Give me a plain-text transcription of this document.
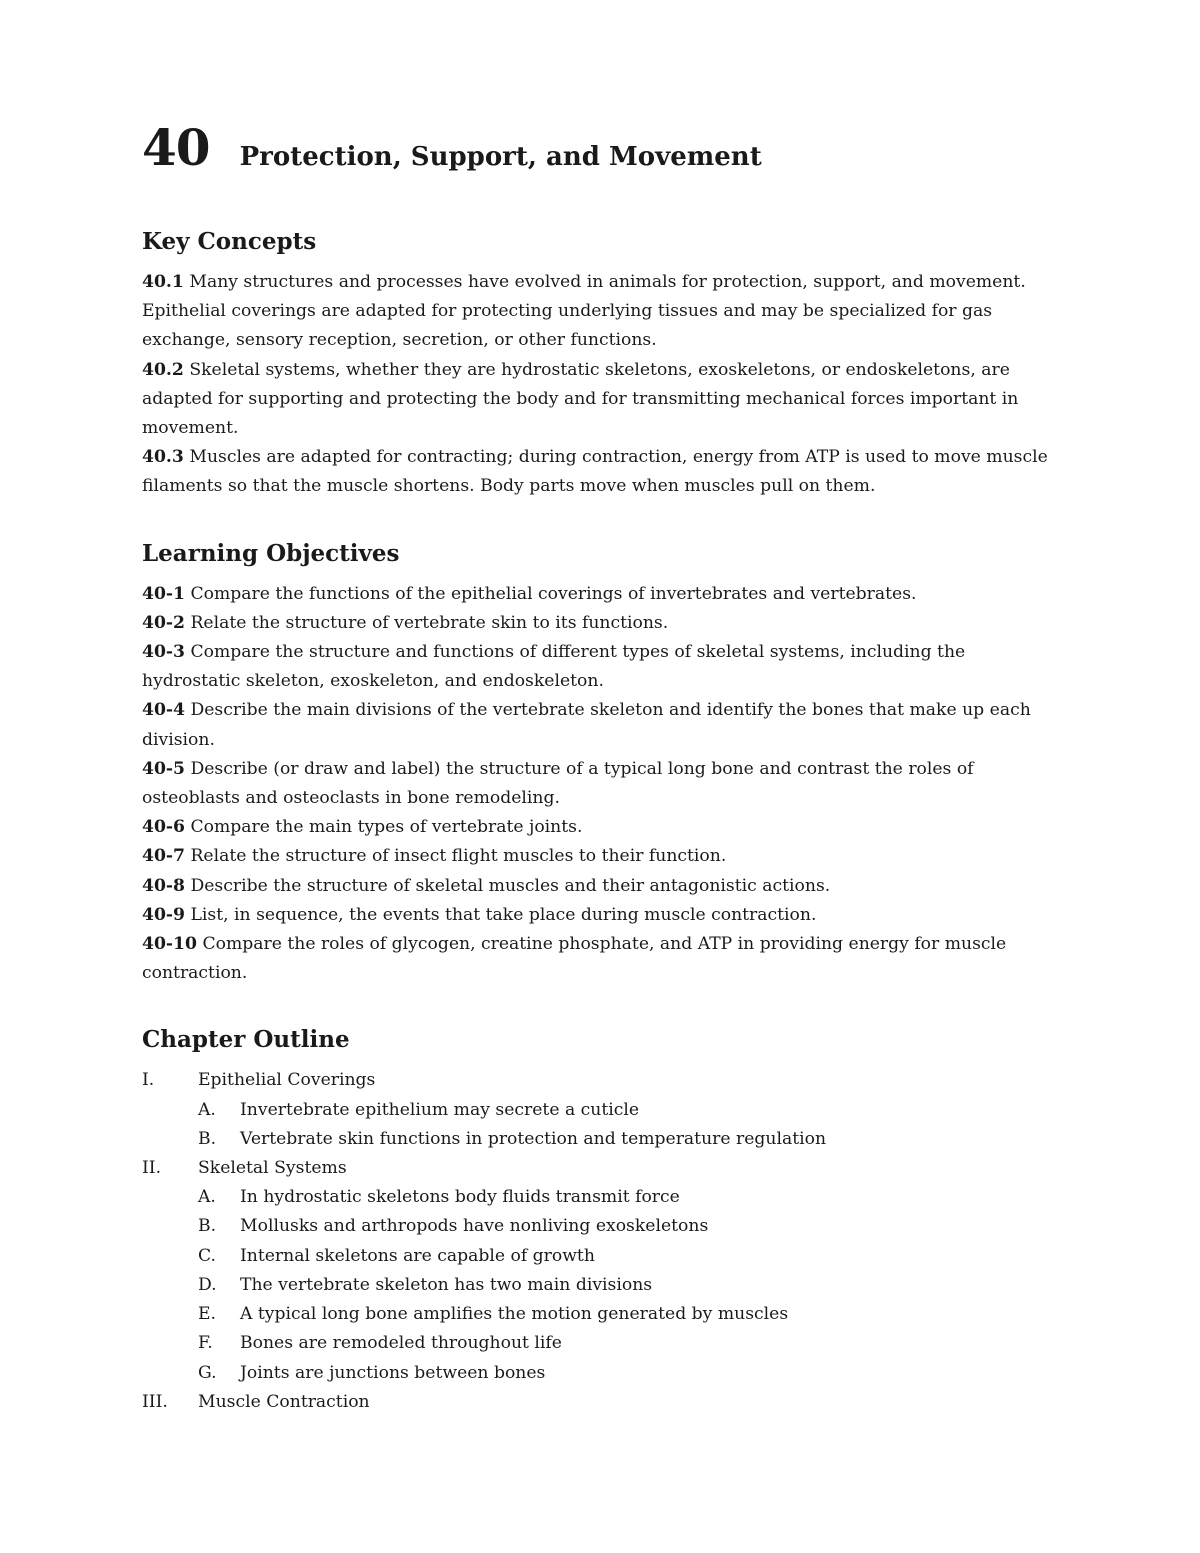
40 Protection, Support, and Movement
Key Concepts

40.1 Many structures and processes have evolved in animals for protection, support, and movement. Epithelial coverings are adapted for protecting underlying tissues and may be specialized for gas exchange, sensory reception, secretion, or other functions.

40.2 Skeletal systems, whether they are hydrostatic skeletons, exoskeletons, or endoskeletons, are adapted for supporting and protecting the body and for transmitting mechanical forces important in movement.

40.3 Muscles are adapted for contracting; during contraction, energy from ATP is used to move muscle filaments so that the muscle shortens. Body parts move when muscles pull on them.

Learning Objectives

40-1 Compare the functions of the epithelial coverings of invertebrates and vertebrates.

40-2 Relate the structure of vertebrate skin to its functions.

40-3 Compare the structure and functions of different types of skeletal systems, including the hydrostatic skeleton, exoskeleton, and endoskeleton.

40-4 Describe the main divisions of the vertebrate skeleton and identify the bones that make up each division.

40-5 Describe (or draw and label) the structure of a typical long bone and contrast the roles of osteoblasts and osteoclasts in bone remodeling.

40-6 Compare the main types of vertebrate joints.

40-7 Relate the structure of insect flight muscles to their function.

40-8 Describe the structure of skeletal muscles and their antagonistic actions.

40-9 List, in sequence, the events that take place during muscle contraction.

40-10 Compare the roles of glycogen, creatine phosphate, and ATP in providing energy for muscle contraction.

Chapter Outline
I.	Epithelial Coverings
A.	Invertebrate epithelium may secrete a cuticle
B.	Vertebrate skin functions in protection and temperature regulation
II.	Skeletal Systems
A.	In hydrostatic skeletons body fluids transmit force
B.	Mollusks and arthropods have nonliving exoskeletons
C.	Internal skeletons are capable of growth
D.	The vertebrate skeleton has two main divisions
E.	A typical long bone amplifies the motion generated by muscles
F.	Bones are remodeled throughout life
G.	Joints are junctions between bones
III.	Muscle Contraction
